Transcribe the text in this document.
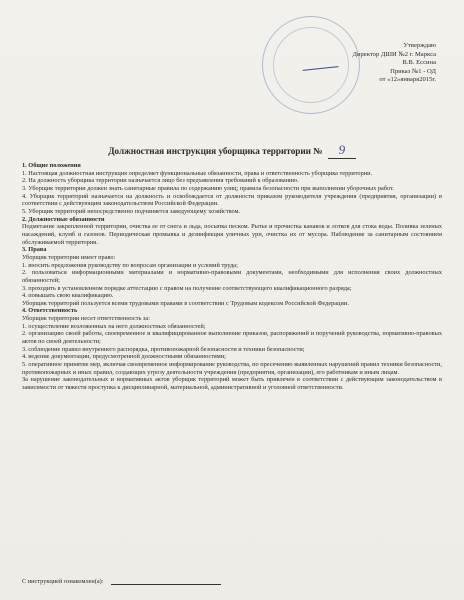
Утверждаю
Директор ДШИ №2 г. Маркса
В.В. Ессина
Приказ №1 - ОД
от «12»января2015г.
Должностная инструкция уборщика территории № 9

1. Общие положения

1. Настоящая должностная инструкция определяет функциональные обязанности, права и ответственность уборщика территории.

2. На должность уборщика территории назначается лицо без предъявления требований к образованию.

3. Уборщик территории должен знать санитарные правила по содержанию улиц; правила безопасности при выполнении уборочных работ.

4. Уборщик территорий назначается на должность и освобождается от должности приказом руководителя учреждения (предприятия, организации) в соответствии с действующим законодательством Российской Федерации.

5. Уборщик территорий непосредственно подчиняется заведующему хозяйством.

2. Должностные обязанности

Подметание закрепленной территории, очистка ее от снега и льда, посыпка песком. Рытье и прочистка канавок и лотков для стока воды. Поливка зеленых насаждений, клумб и газонов. Периодическая промывка и дезинфекция уличных урн, очистка их от мусора. Наблюдение за санитарным состоянием обслуживаемой территории.

3. Права

Уборщик территории имеет право:

1. вносить предложения руководству по вопросам организации и условий труда;

2. пользоваться информационными материалами и нормативно-правовыми документами, необходимыми для исполнения своих должностных обязанностей;

3. проходить в установленном порядке аттестацию с правом на получение соответствующего квалификационного разряда;

4. повышать свою квалификацию.

Уборщик территорий пользуется всеми трудовыми правами в соответствии с Трудовым кодексом Российской Федерации.

4. Ответственность

Уборщик территории несет ответственность за:

1. осуществление возложенных на него должностных обязанностей;

2. организацию своей работы, своевременное и квалифицированное выполнение приказов, распоряжений и поручений руководства, нормативно-правовых актов по своей деятельности;

3. соблюдение правил внутреннего распорядка, противопожарной безопасности и техники безопасности;

4. ведение документации, предусмотренной должностными обязанностями;

5. оперативное принятие мер, включая своевременное информирование руководства, по пресечению выявленных нарушений правил техники безопасности, противопожарных и иных правил, создающих угрозу деятельности учреждения (предприятия, организации), его работникам и иным лицам.

За нарушение законодательных и нормативных актов уборщик территорий может быть привлечен в соответствии с действующим законодательством в зависимости от тяжести проступка к дисциплинарной, материальной, административной и уголовной ответственности.

С инструкцией ознакомлен(а):
